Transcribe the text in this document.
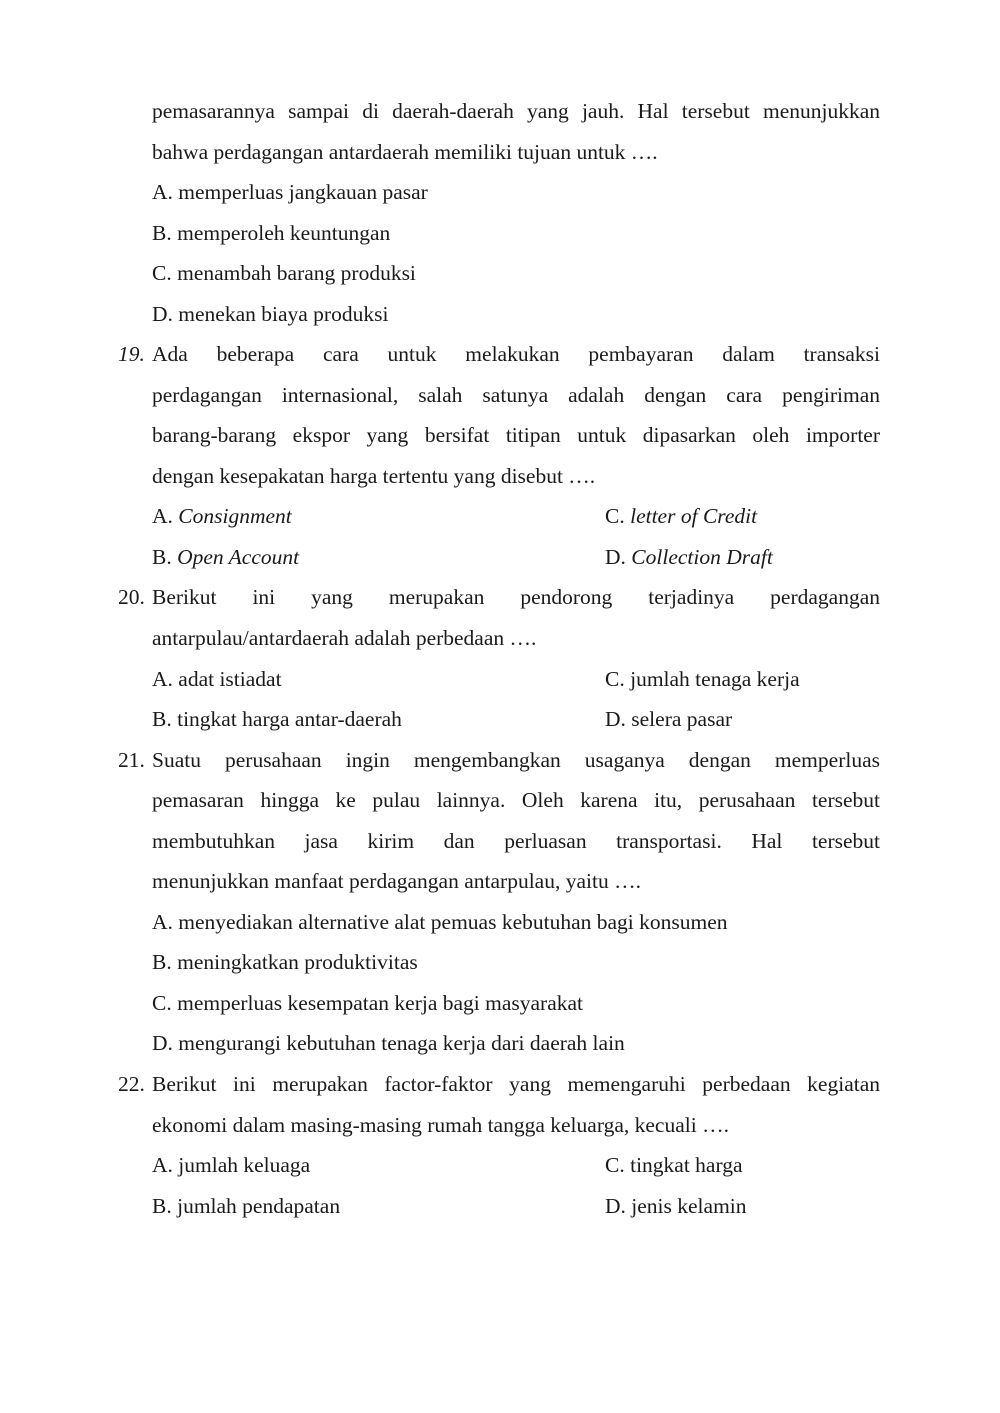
pemasarannya sampai di daerah-daerah yang jauh. Hal tersebut menunjukkan
bahwa perdagangan antardaerah memiliki tujuan untuk ….
A. memperluas jangkauan pasar
B. memperoleh keuntungan
C. menambah barang produksi
D. menekan biaya produksi
19. Ada beberapa cara untuk melakukan pembayaran dalam transaksi
perdagangan internasional, salah satunya adalah dengan cara pengiriman
barang-barang ekspor yang bersifat titipan untuk dipasarkan oleh importer
dengan kesepakatan harga tertentu yang disebut ….
A. Consignment	C. letter of Credit
B. Open Account	D. Collection Draft
20. Berikut ini yang merupakan pendorong terjadinya perdagangan
antarpulau/antardaerah adalah perbedaan ….
A. adat istiadat	C. jumlah tenaga kerja
B. tingkat harga antar-daerah	D. selera pasar
21. Suatu perusahaan ingin mengembangkan usaganya dengan memperluas
pemasaran hingga ke pulau lainnya. Oleh karena itu, perusahaan tersebut
membutuhkan jasa kirim dan perluasan transportasi. Hal tersebut
menunjukkan manfaat perdagangan antarpulau, yaitu ….
A. menyediakan alternative alat pemuas kebutuhan bagi konsumen
B. meningkatkan produktivitas
C. memperluas kesempatan kerja bagi masyarakat
D. mengurangi kebutuhan tenaga kerja dari daerah lain
22. Berikut ini merupakan factor-faktor yang memengaruhi perbedaan kegiatan
ekonomi dalam masing-masing rumah tangga keluarga, kecuali ….
A. jumlah keluaga	C. tingkat harga
B. jumlah pendapatan	D. jenis kelamin
